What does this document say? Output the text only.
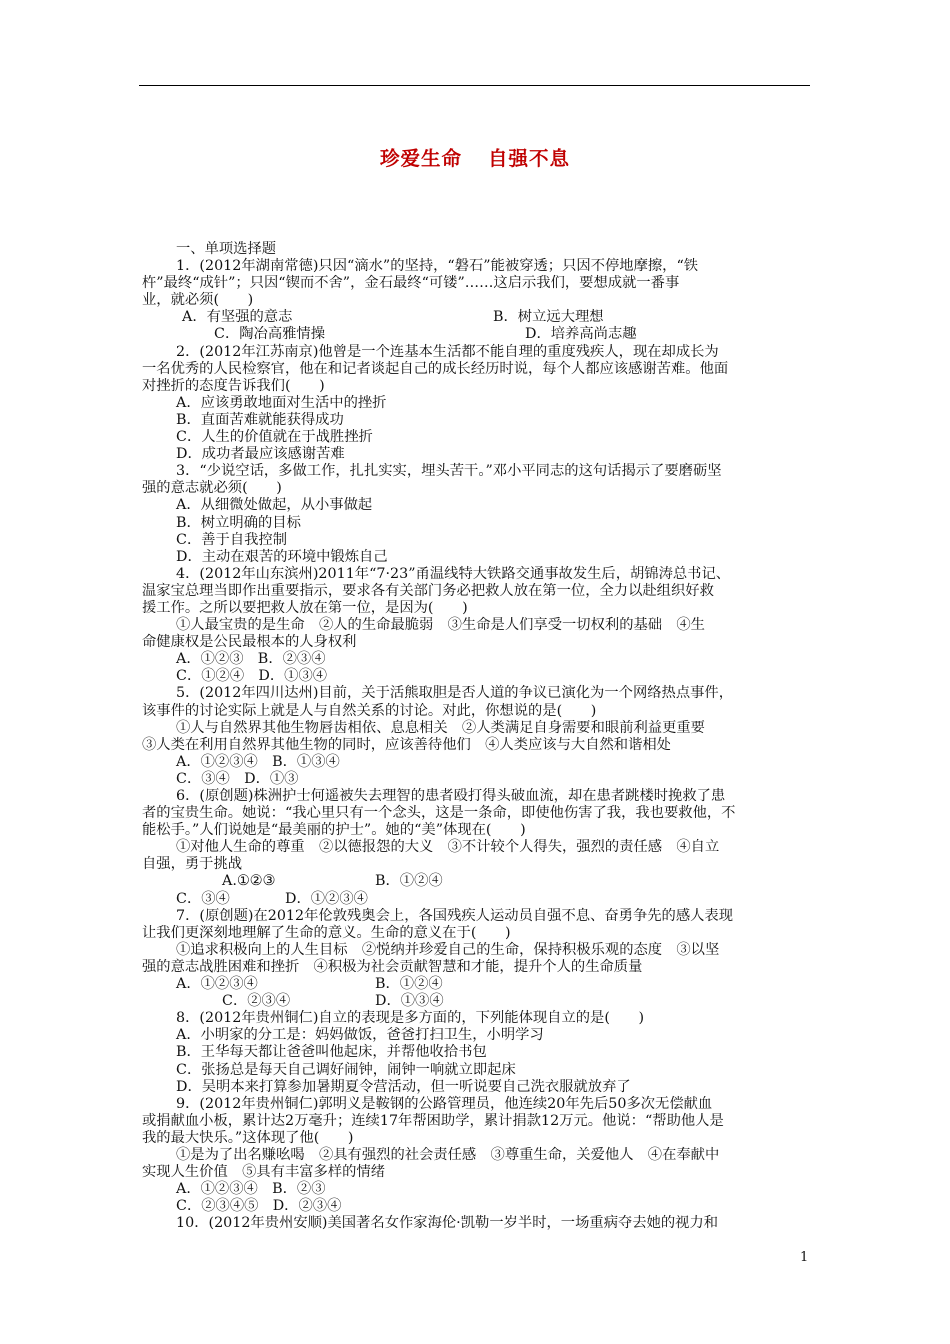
珍爱生命 自强不息

一、单项选择题

1．(2012年湖南常德)只因“滴水”的坚持，“磐石”能被穿透；只因不停地摩擦，“铁

杵”最终“成针”；只因“锲而不舍”，金石最终“可镂”……这启示我们，要想成就一番事

业，就必须(　　)

A．有坚强的意志	B．树立远大理想
C．陶冶高雅情操	D．培养高尚志趣

2．(2012年江苏南京)他曾是一个连基本生活都不能自理的重度残疾人，现在却成长为

一名优秀的人民检察官，他在和记者谈起自己的成长经历时说，每个人都应该感谢苦难。他面

对挫折的态度告诉我们(　　)

A．应该勇敢地面对生活中的挫折

B．直面苦难就能获得成功

C．人生的价值就在于战胜挫折

D．成功者最应该感谢苦难

3．“少说空话，多做工作，扎扎实实，埋头苦干。”邓小平同志的这句话揭示了要磨砺坚

强的意志就必须(　　)

A．从细微处做起，从小事做起

B．树立明确的目标

C．善于自我控制

D．主动在艰苦的环境中锻炼自己

4．(2012年山东滨州)2011年“7·23”甬温线特大铁路交通事故发生后，胡锦涛总书记、

温家宝总理当即作出重要指示，要求各有关部门务必把救人放在第一位，全力以赴组织好救

援工作。之所以要把救人放在第一位，是因为(　　)

①人最宝贵的是生命　②人的生命最脆弱　③生命是人们享受一切权利的基础　④生

命健康权是公民最根本的人身权利

A．①②③　B．②③④

C．①②④　D．①③④

5．(2012年四川达州)目前，关于活熊取胆是否人道的争议已演化为一个网络热点事件，

该事件的讨论实际上就是人与自然关系的讨论。对此，你想说的是(　　)

①人与自然界其他生物唇齿相依、息息相关　②人类满足自身需要和眼前利益更重要

③人类在利用自然界其他生物的同时，应该善待他们　④人类应该与大自然和谐相处

A．①②③④　B．①③④

C．③④　D．①③

6．(原创题)株洲护士何遥被失去理智的患者殴打得头破血流，却在患者跳楼时挽救了患

者的宝贵生命。她说：“我心里只有一个念头，这是一条命，即使他伤害了我，我也要救他，不

能松手。”人们说她是“最美丽的护士”。她的“美”体现在(　　)

①对他人生命的尊重　②以德报怨的大义　③不计较个人得失，强烈的责任感　④自立

自强，勇于挑战

A.①②③	B．①②④
C．③④	D．①②③④

7．(原创题)在2012年伦敦残奥会上，各国残疾人运动员自强不息、奋勇争先的感人表现

让我们更深刻地理解了生命的意义。生命的意义在于(　　)

①追求积极向上的人生目标　②悦纳并珍爱自己的生命，保持积极乐观的态度　③以坚

强的意志战胜困难和挫折　④积极为社会贡献智慧和才能，提升个人的生命质量

A．①②③④	B．①②④
C．②③④	D．①③④

8．(2012年贵州铜仁)自立的表现是多方面的，下列能体现自立的是(　　)

A．小明家的分工是：妈妈做饭，爸爸打扫卫生，小明学习

B．王华每天都让爸爸叫他起床，并帮他收拾书包

C．张扬总是每天自己调好闹钟，闹钟一响就立即起床

D．吴明本来打算参加暑期夏令营活动，但一听说要自己洗衣服就放弃了

9．(2012年贵州铜仁)郭明义是鞍钢的公路管理员，他连续20年先后50多次无偿献血

或捐献血小板，累计达2万毫升；连续17年帮困助学，累计捐款12万元。他说：“帮助他人是

我的最大快乐。”这体现了他(　　)

①是为了出名赚吆喝　②具有强烈的社会责任感　③尊重生命，关爱他人　④在奉献中

实现人生价值　⑤具有丰富多样的情绪

A．①②③④　B．②③

C．②③④⑤　D．②③④

10．(2012年贵州安顺)美国著名女作家海伦·凯勒一岁半时，一场重病夺去她的视力和

1
